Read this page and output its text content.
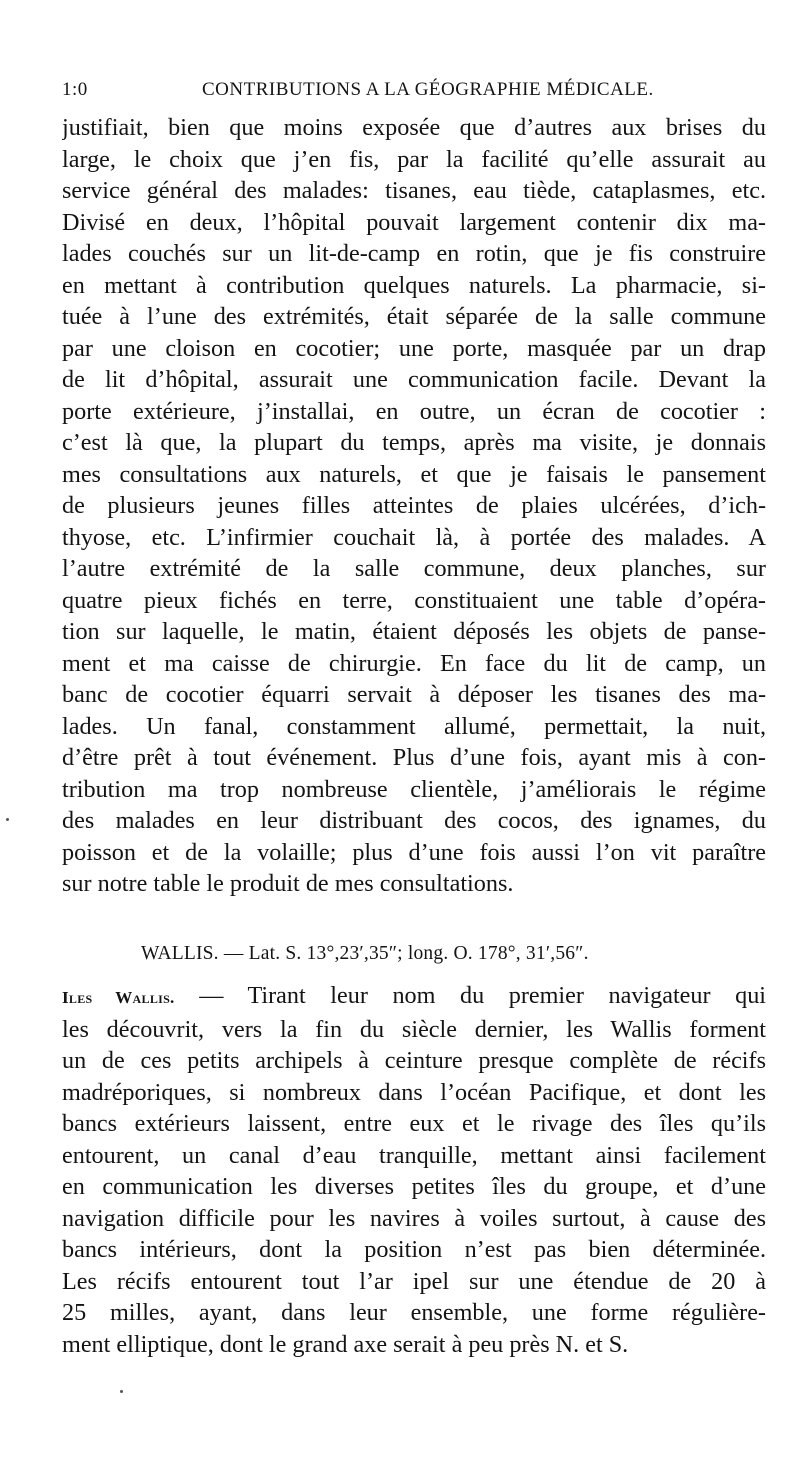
1:0	CONTRIBUTIONS A LA GÉOGRAPHIE MÉDICALE.
justifiait, bien que moins exposée que d’autres aux brises du
large, le choix que j’en fis, par la facilité qu’elle assurait au
service général des malades: tisanes, eau tiède, cataplasmes, etc.
Divisé en deux, l’hôpital pouvait largement contenir dix ma-
lades couchés sur un lit-de-camp en rotin, que je fis construire
en mettant à contribution quelques naturels. La pharmacie, si-
tuée à l’une des extrémités, était séparée de la salle commune
par une cloison en cocotier; une porte, masquée par un drap
de lit d’hôpital, assurait une communication facile. Devant la
porte extérieure, j’installai, en outre, un écran de cocotier :
c’est là que, la plupart du temps, après ma visite, je donnais
mes consultations aux naturels, et que je faisais le pansement
de plusieurs jeunes filles atteintes de plaies ulcérées, d’ich-
thyose, etc. L’infirmier couchait là, à portée des malades. A
l’autre extrémité de la salle commune, deux planches, sur
quatre pieux fichés en terre, constituaient une table d’opéra-
tion sur laquelle, le matin, étaient déposés les objets de panse-
ment et ma caisse de chirurgie. En face du lit de camp, un
banc de cocotier équarri servait à déposer les tisanes des ma-
lades. Un fanal, constamment allumé, permettait, la nuit,
d’être prêt à tout événement. Plus d’une fois, ayant mis à con-
tribution ma trop nombreuse clientèle, j’améliorais le régime
des malades en leur distribuant des cocos, des ignames, du
poisson et de la volaille; plus d’une fois aussi l’on vit paraître
sur notre table le produit de mes consultations.
WALLIS. — Lat. S. 13°,23′,35″; long. O. 178°, 31′,56″.
Iles Wallis. — Tirant leur nom du premier navigateur qui
les découvrit, vers la fin du siècle dernier, les Wallis forment
un de ces petits archipels à ceinture presque complète de récifs
madréporiques, si nombreux dans l’océan Pacifique, et dont les
bancs extérieurs laissent, entre eux et le rivage des îles qu’ils
entourent, un canal d’eau tranquille, mettant ainsi facilement
en communication les diverses petites îles du groupe, et d’une
navigation difficile pour les navires à voiles surtout, à cause des
bancs intérieurs, dont la position n’est pas bien déterminée.
Les récifs entourent tout l’ar ipel sur une étendue de 20 à
25 milles, ayant, dans leur ensemble, une forme régulière-
ment elliptique, dont le grand axe serait à peu près N. et S.
